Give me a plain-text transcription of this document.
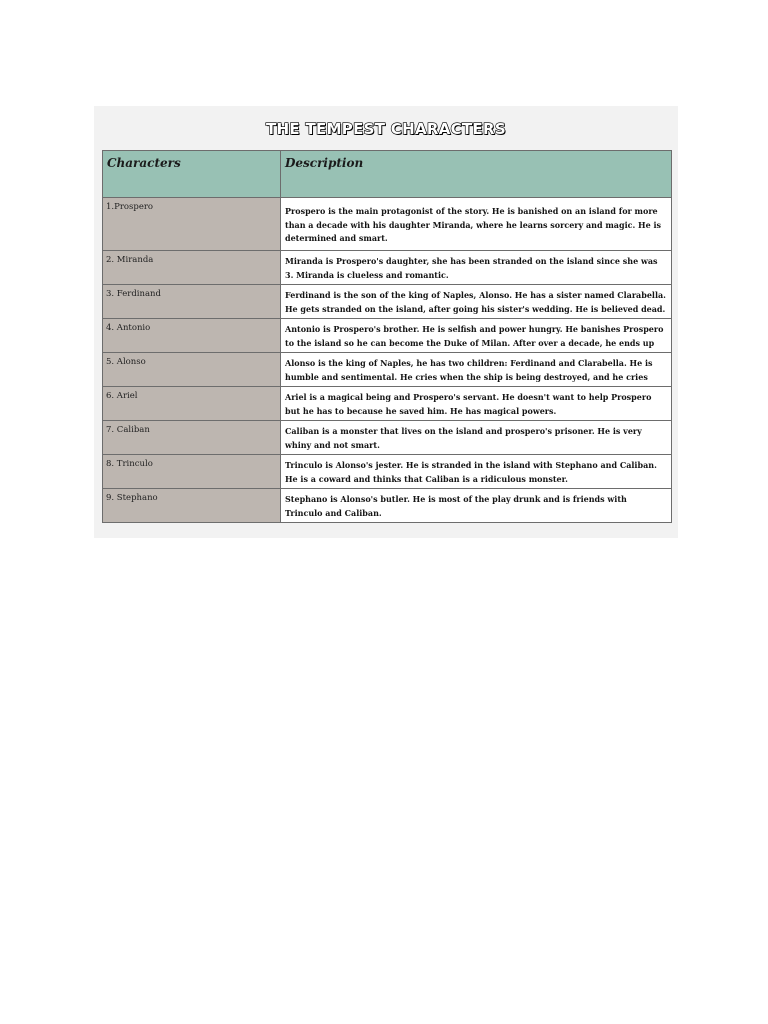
THE TEMPEST CHARACTERS
Characters	Description

1.Prospero	Prospero is the main protagonist of the story. He is banished on an island for more than a decade with his daughter Miranda, where he learns sorcery and magic. He is determined and smart.

2. Miranda	Miranda is Prospero's daughter, she has been stranded on the island since she was 3. Miranda is clueless and romantic.

3. Ferdinand	Ferdinand is the son of the king of Naples, Alonso. He has a sister named Clarabella. He gets stranded on the island, after going his sister's wedding. He is believed dead.

4. Antonio	Antonio is Prospero's brother. He is selfish and power hungry. He banishes Prospero to the island so he can become the Duke of Milan. After over a decade, he ends up

5. Alonso	Alonso is the king of Naples, he has two children: Ferdinand and Clarabella. He is humble and sentimental. He cries when the ship is being destroyed, and he cries

6. Ariel	Ariel is a magical being and Prospero's servant. He doesn't want to help Prospero but he has to because he saved him. He has magical powers.

7. Caliban	Caliban is a monster that lives on the island and prospero's prisoner. He is very whiny and not smart.

8. Trinculo	Trinculo is Alonso's jester. He is stranded in the island with Stephano and Caliban. He is a coward and thinks that Caliban is a ridiculous monster.

9. Stephano	Stephano is Alonso's butler. He is most of the play drunk and is friends with Trinculo and Caliban.
